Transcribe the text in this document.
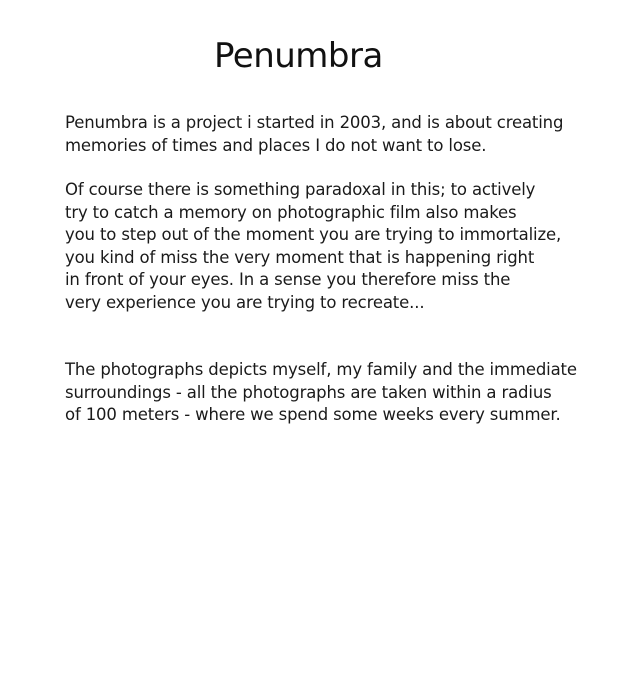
Penumbra

Penumbra is a project i started in 2003, and is about creating
memories of times and places I do not want to lose.

Of course there is something paradoxal in this; to actively
try to catch a memory on photographic film also makes
you to step out of the moment you are trying to immortalize,
you kind of miss the very moment that is happening right
in front of your eyes. In a sense you therefore miss the
very experience you are trying to recreate...

The photographs depicts myself, my family and the immediate
surroundings - all the photographs are taken within a radius
of 100 meters - where we spend some weeks every summer.
